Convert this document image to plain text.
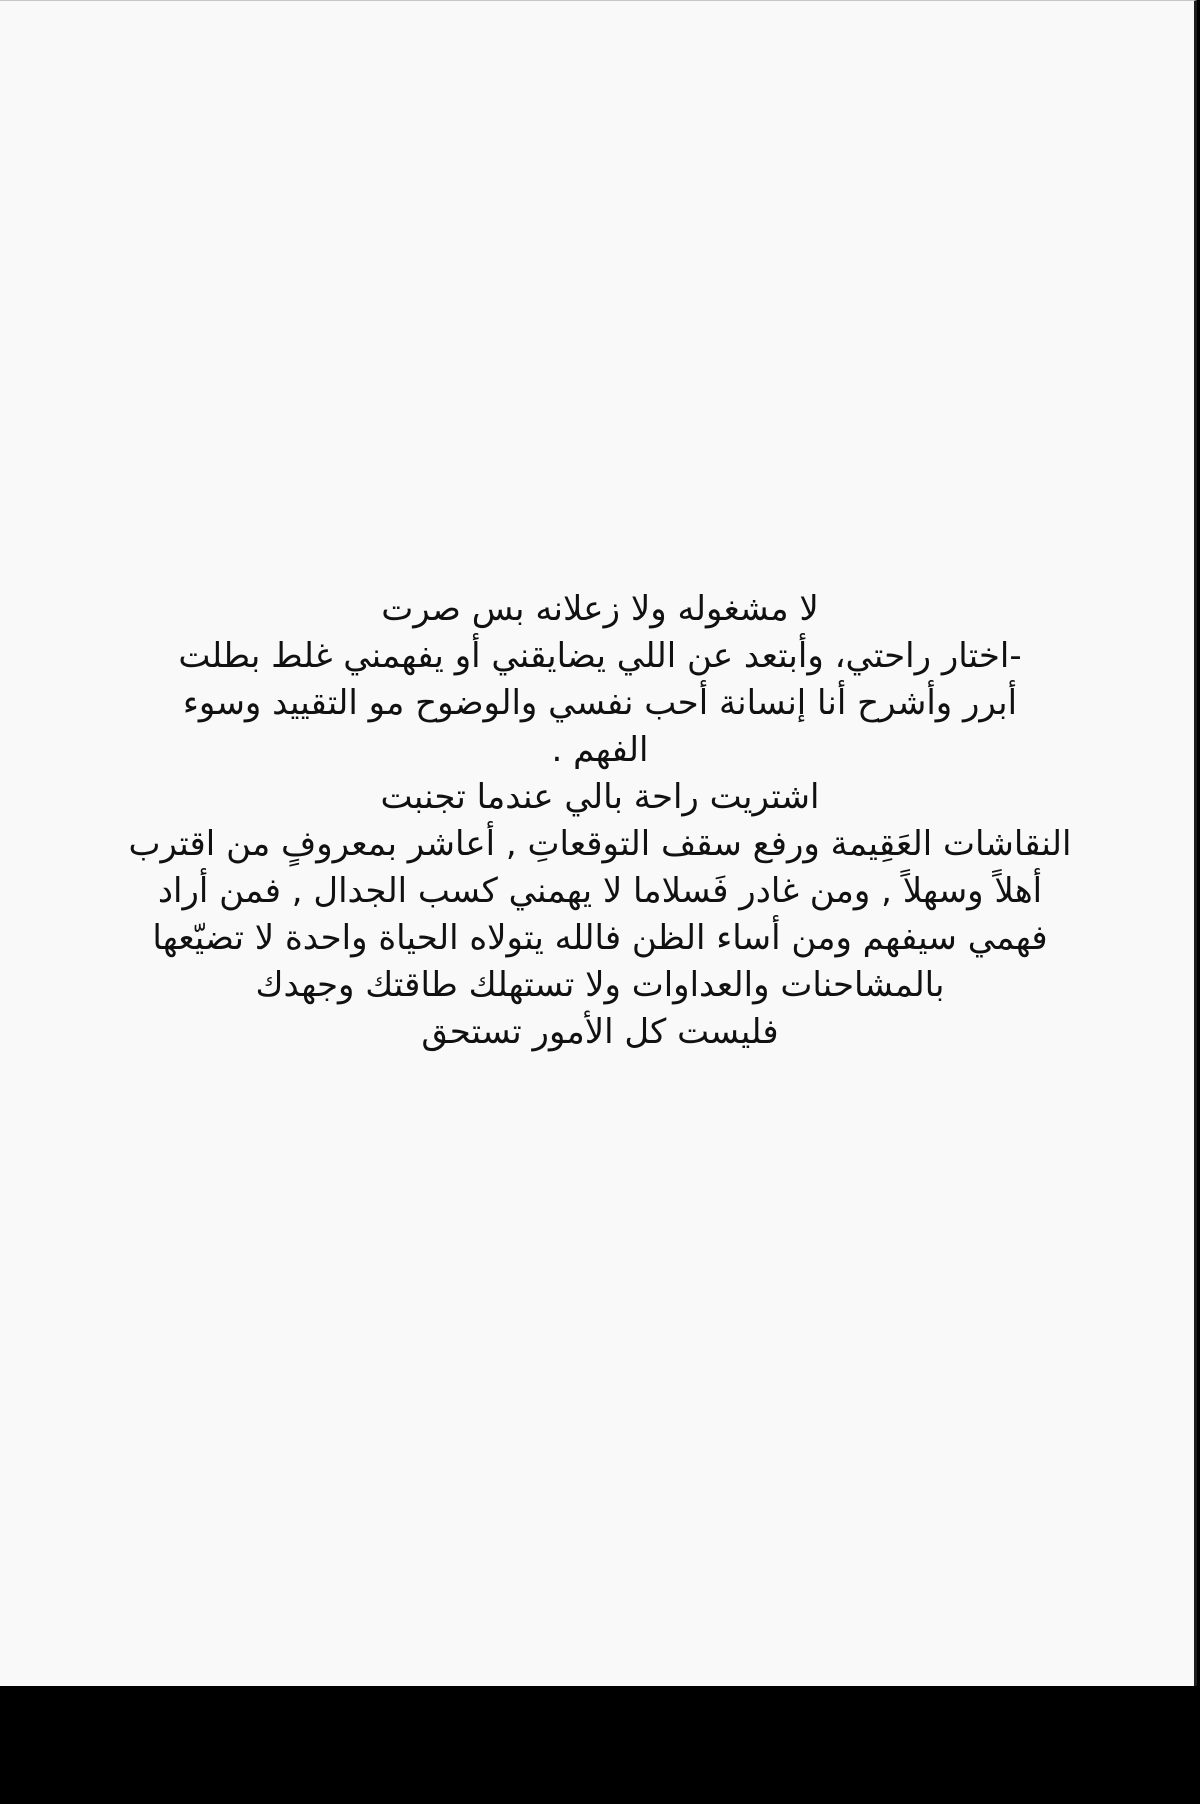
لا مشغوله ولا زعلانه بس صرت
-اختار راحتي، وأبتعد عن اللي يضايقني أو يفهمني غلط بطلت
أبرر وأشرح أنا إنسانة أحب نفسي والوضوح مو التقييد وسوء
الفهم .
اشتريت راحة بالي عندما تجنبت
النقاشات العَقِيمة ورفع سقف التوقعاتِ , أعاشر بمعروفٍ من اقترب
أهلاً وسهلاً , ومن غادر فَسلاما لا يهمني كسب الجدال , فمن أراد
فهمي سيفهم ومن أساء الظن فالله يتولاه الحياة واحدة لا تضيّعها
بالمشاحنات والعداوات ولا تستهلك طاقتك وجهدك
فليست كل الأمور تستحق
